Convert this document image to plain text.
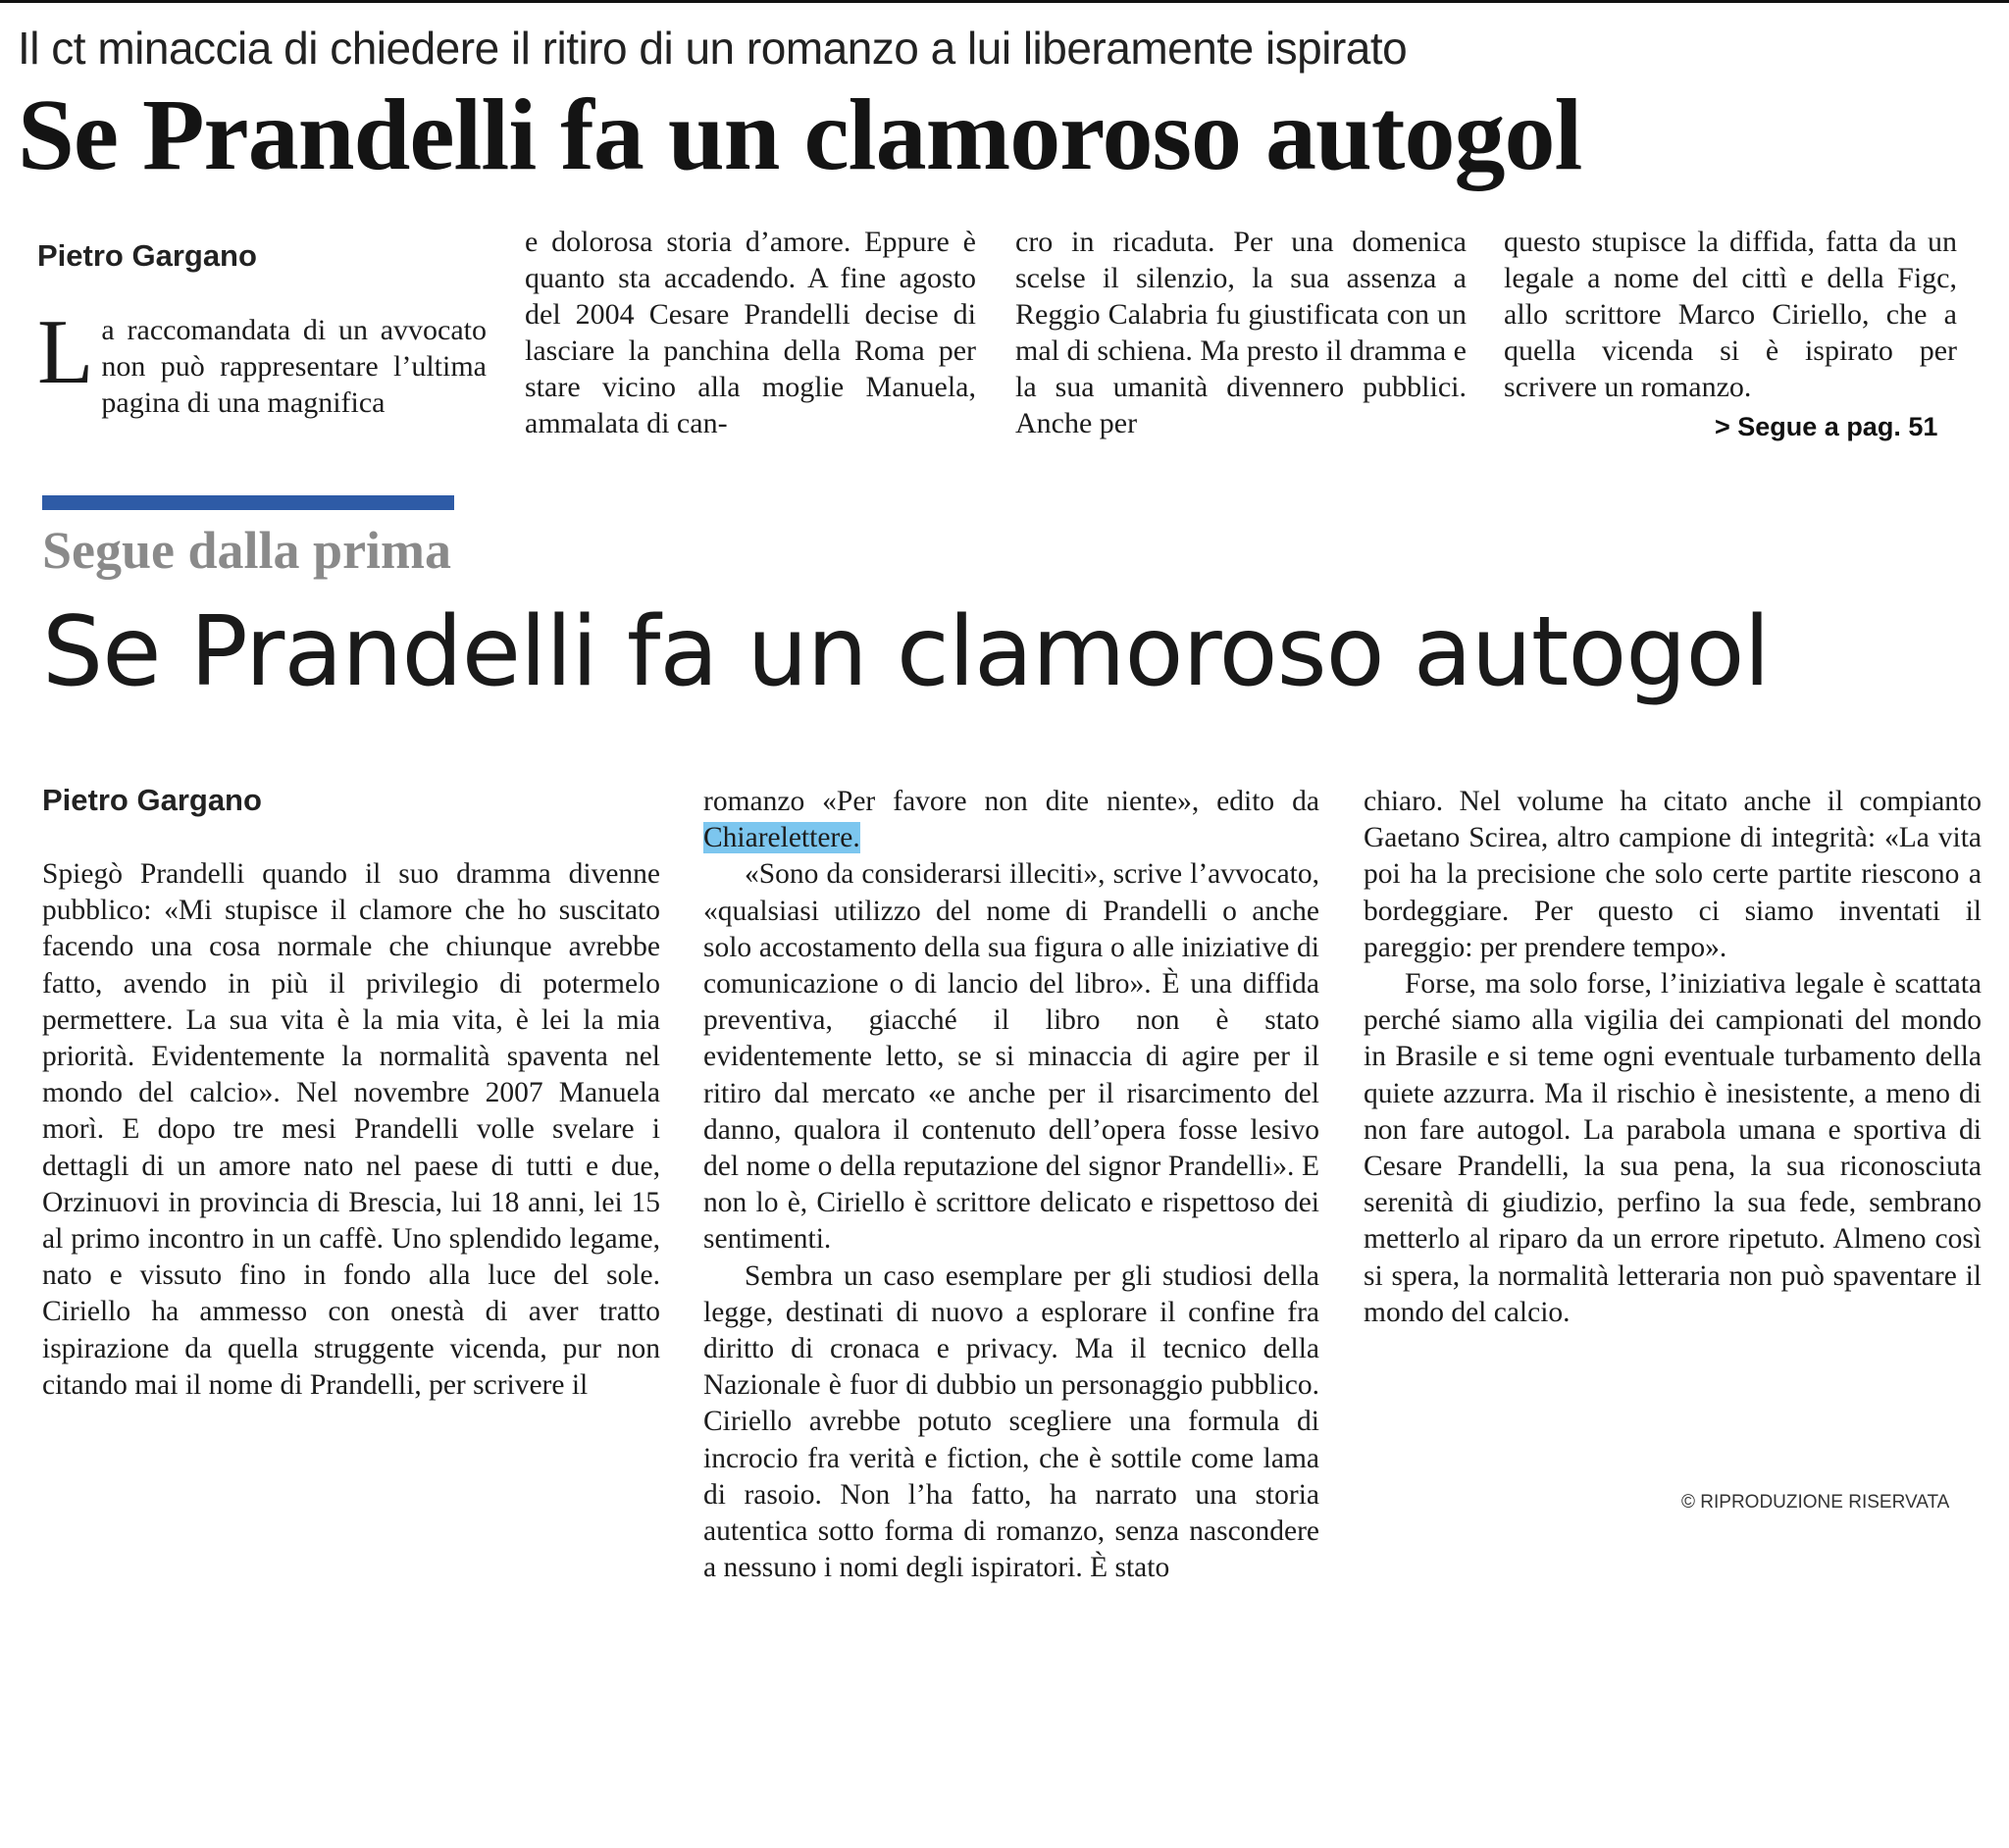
Il ct minaccia di chiedere il ritiro di un romanzo a lui liberamente ispirato
Se Prandelli fa un clamoroso autogol
Pietro Gargano
La raccomandata di un avvocato non può rappresentare l’ultima pagina di una magnifica
e dolorosa storia d’amore. Eppure è quanto sta accadendo. A fine agosto del 2004 Cesare Prandelli decise di lasciare la panchina della Roma per stare vicino alla moglie Manuela, ammalata di can-
cro in ricaduta. Per una domenica scelse il silenzio, la sua assenza a Reggio Calabria fu giustificata con un mal di schiena. Ma presto il dramma e la sua umanità divennero pubblici. Anche per
questo stupisce la diffida, fatta da un legale a nome del cittì e della Figc, allo scrittore Marco Ciriello, che a quella vicenda si è ispirato per scrivere un romanzo.
> Segue a pag. 51
Segue dalla prima
Se Prandelli fa un clamoroso autogol
Pietro Gargano

Spiegò Prandelli quando il suo dramma divenne pubblico: «Mi stupisce il clamore che ho suscitato facendo una cosa normale che chiunque avrebbe fatto, avendo in più il privilegio di potermelo permettere. La sua vita è la mia vita, è lei la mia priorità. Evidentemente la normalità spaventa nel mondo del calcio». Nel novembre 2007 Manuela morì. E dopo tre mesi Prandelli volle svelare i dettagli di un amore nato nel paese di tutti e due, Orzinuovi in provincia di Brescia, lui 18 anni, lei 15 al primo incontro in un caffè. Uno splendido legame, nato e vissuto fino in fondo alla luce del sole. Ciriello ha ammesso con onestà di aver tratto ispirazione da quella struggente vicenda, pur non citando mai il nome di Prandelli, per scrivere il

romanzo «Per favore non dite niente», edito da Chiarelettere.

«Sono da considerarsi illeciti», scrive l’avvocato, «qualsiasi utilizzo del nome di Prandelli o anche solo accostamento della sua figura o alle iniziative di comunicazione o di lancio del libro». È una diffida preventiva, giacché il libro non è stato evidentemente letto, se si minaccia di agire per il ritiro dal mercato «e anche per il risarcimento del danno, qualora il contenuto dell’opera fosse lesivo del nome o della reputazione del signor Prandelli». E non lo è, Ciriello è scrittore delicato e rispettoso dei sentimenti.

Sembra un caso esemplare per gli studiosi della legge, destinati di nuovo a esplorare il confine fra diritto di cronaca e privacy. Ma il tecnico della Nazionale è fuor di dubbio un personaggio pubblico. Ciriello avrebbe potuto scegliere una formula di incrocio fra verità e fiction, che è sottile come lama di rasoio. Non l’ha fatto, ha narrato una storia autentica sotto forma di romanzo, senza nascondere a nessuno i nomi degli ispiratori. È stato

chiaro. Nel volume ha citato anche il compianto Gaetano Scirea, altro campione di integrità: «La vita poi ha la precisione che solo certe partite riescono a bordeggiare. Per questo ci siamo inventati il pareggio: per prendere tempo».

Forse, ma solo forse, l’iniziativa legale è scattata perché siamo alla vigilia dei campionati del mondo in Brasile e si teme ogni eventuale turbamento della quiete azzurra. Ma il rischio è inesistente, a meno di non fare autogol. La parabola umana e sportiva di Cesare Prandelli, la sua pena, la sua riconosciuta serenità di giudizio, perfino la sua fede, sembrano metterlo al riparo da un errore ripetuto. Almeno così si spera, la normalità letteraria non può spaventare il mondo del calcio.

© RIPRODUZIONE RISERVATA
